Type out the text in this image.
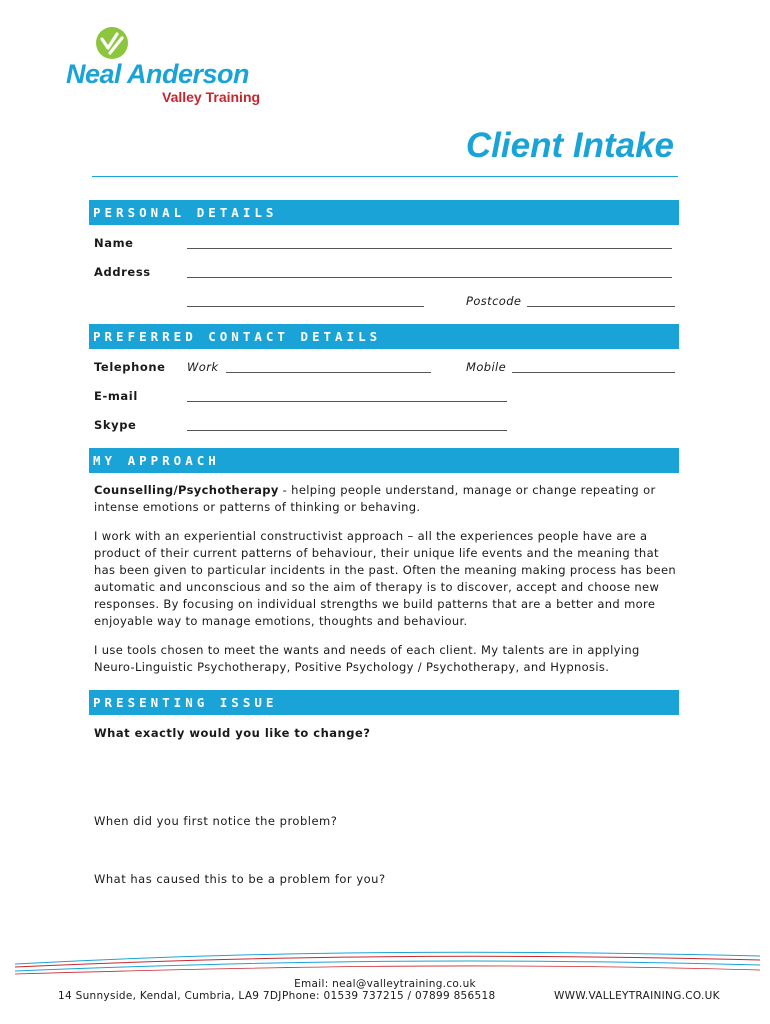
Neal Anderson
Valley Training
Client Intake
PERSONAL DETAILS
Name
Address
Postcode
PREFERRED CONTACT DETAILS
Telephone Work	Mobile
E-mail
Skype
MY APPROACH

Counselling/Psychotherapy - helping people understand, manage or change repeating or intense emotions or patterns of thinking or behaving.

I work with an experiential constructivist approach – all the experiences people have are a product of their current patterns of behaviour, their unique life events and the meaning that has been given to particular incidents in the past. Often the meaning making process has been automatic and unconscious and so the aim of therapy is to discover, accept and choose new responses. By focusing on individual strengths we build patterns that are a better and more enjoyable way to manage emotions, thoughts and behaviour.

I use tools chosen to meet the wants and needs of each client. My talents are in applying Neuro-Linguistic Psychotherapy, Positive Psychology / Psychotherapy, and Hypnosis.

PRESENTING ISSUE
What exactly would you like to change?
When did you first notice the problem?
What has caused this to be a problem for you?
Email: neal@valleytraining.co.uk
14 Sunnyside, Kendal, Cumbria, LA9 7DJ Phone: 01539 737215 / 07899 856518	WWW.VALLEYTRAINING.CO.UK
